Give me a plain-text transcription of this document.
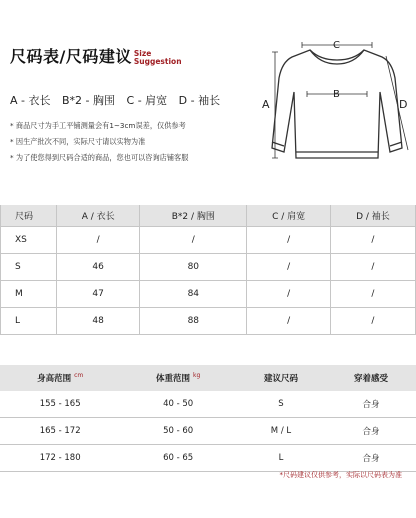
尺码表/尺码建议 Size
Suggestion
A - 衣长 B*2 - 胸围 C - 肩宽 D - 袖长
* 商品尺寸为手工平铺测量会有1~3cm误差，仅供参考
* 因生产批次不同，实际尺寸请以实物为准
* 为了使您得到尺码合适的商品，您也可以咨询店铺客服
C
B
A	D
尺码	A / 衣长	B*2 / 胸围	C / 肩宽	D / 袖长
XS	/	/	/	/
S	46	80	/	/
M	47	84	/	/
L	48	88	/	/
身高范围 $^{cm}$	体重范围 $^{kg}$	建议尺码	穿着感受
155 - 165	40 - 50	S	合身
165 - 172	50 - 60	M / L	合身
172 - 180	60 - 65	L	合身
*尺码建议仅供参考，实际以尺码表为准
